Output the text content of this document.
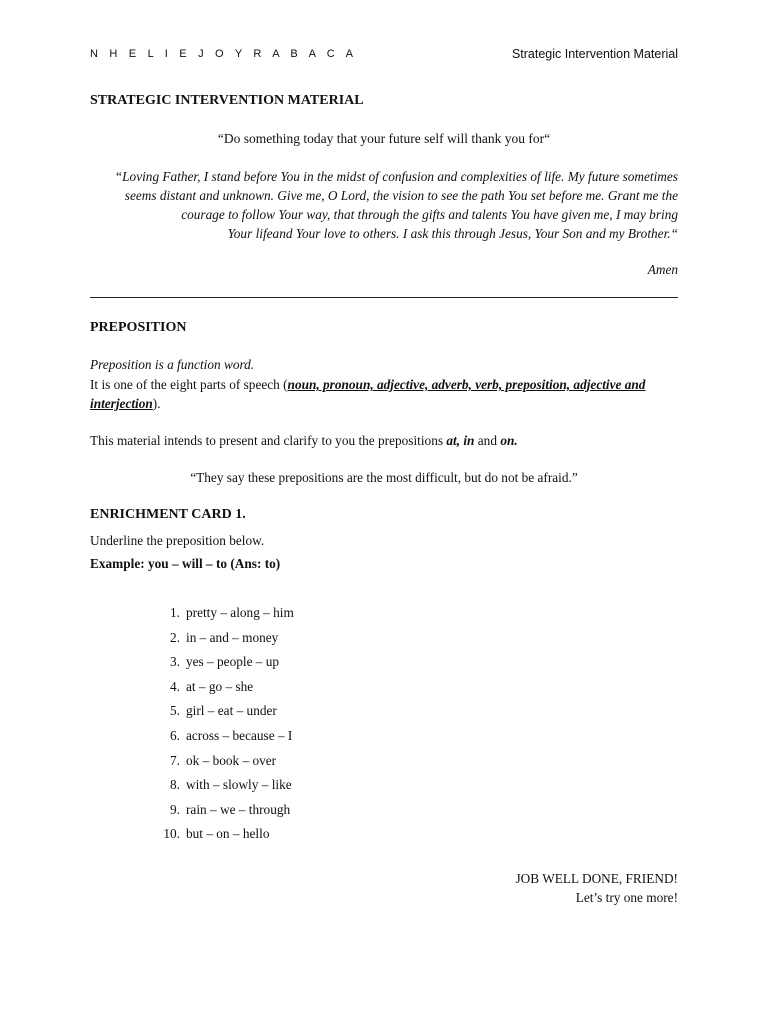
N H E L I E J O Y R A B A C A	Strategic Intervention Material
STRATEGIC INTERVENTION MATERIAL
“Do something today that your future self will thank you for“
“Loving Father, I stand before You in the midst of confusion and complexities of life. My future sometimes
seems distant and unknown. Give me, O Lord, the vision to see the path You set before me. Grant me the
courage to follow Your way, that through the gifts and talents You have given me, I may bring
Your lifeand Your love to others. I ask this through Jesus, Your Son and my Brother.“
Amen
PREPOSITION
Preposition is a function word.
It is one of the eight parts of speech (noun, pronoun, adjective, adverb, verb, preposition, adjective and interjection).
This material intends to present and clarify to you the prepositions at, in and on.
“They say these prepositions are the most difficult, but do not be afraid.”
ENRICHMENT CARD 1.
Underline the preposition below.
Example: you – will – to (Ans: to)
1. pretty – along – him
2. in – and – money
3. yes – people – up
4. at – go – she
5. girl – eat – under
6. across – because – I
7. ok – book – over
8. with – slowly – like
9. rain – we – through
10. but – on – hello
JOB WELL DONE, FRIEND!
Let’s try one more!
